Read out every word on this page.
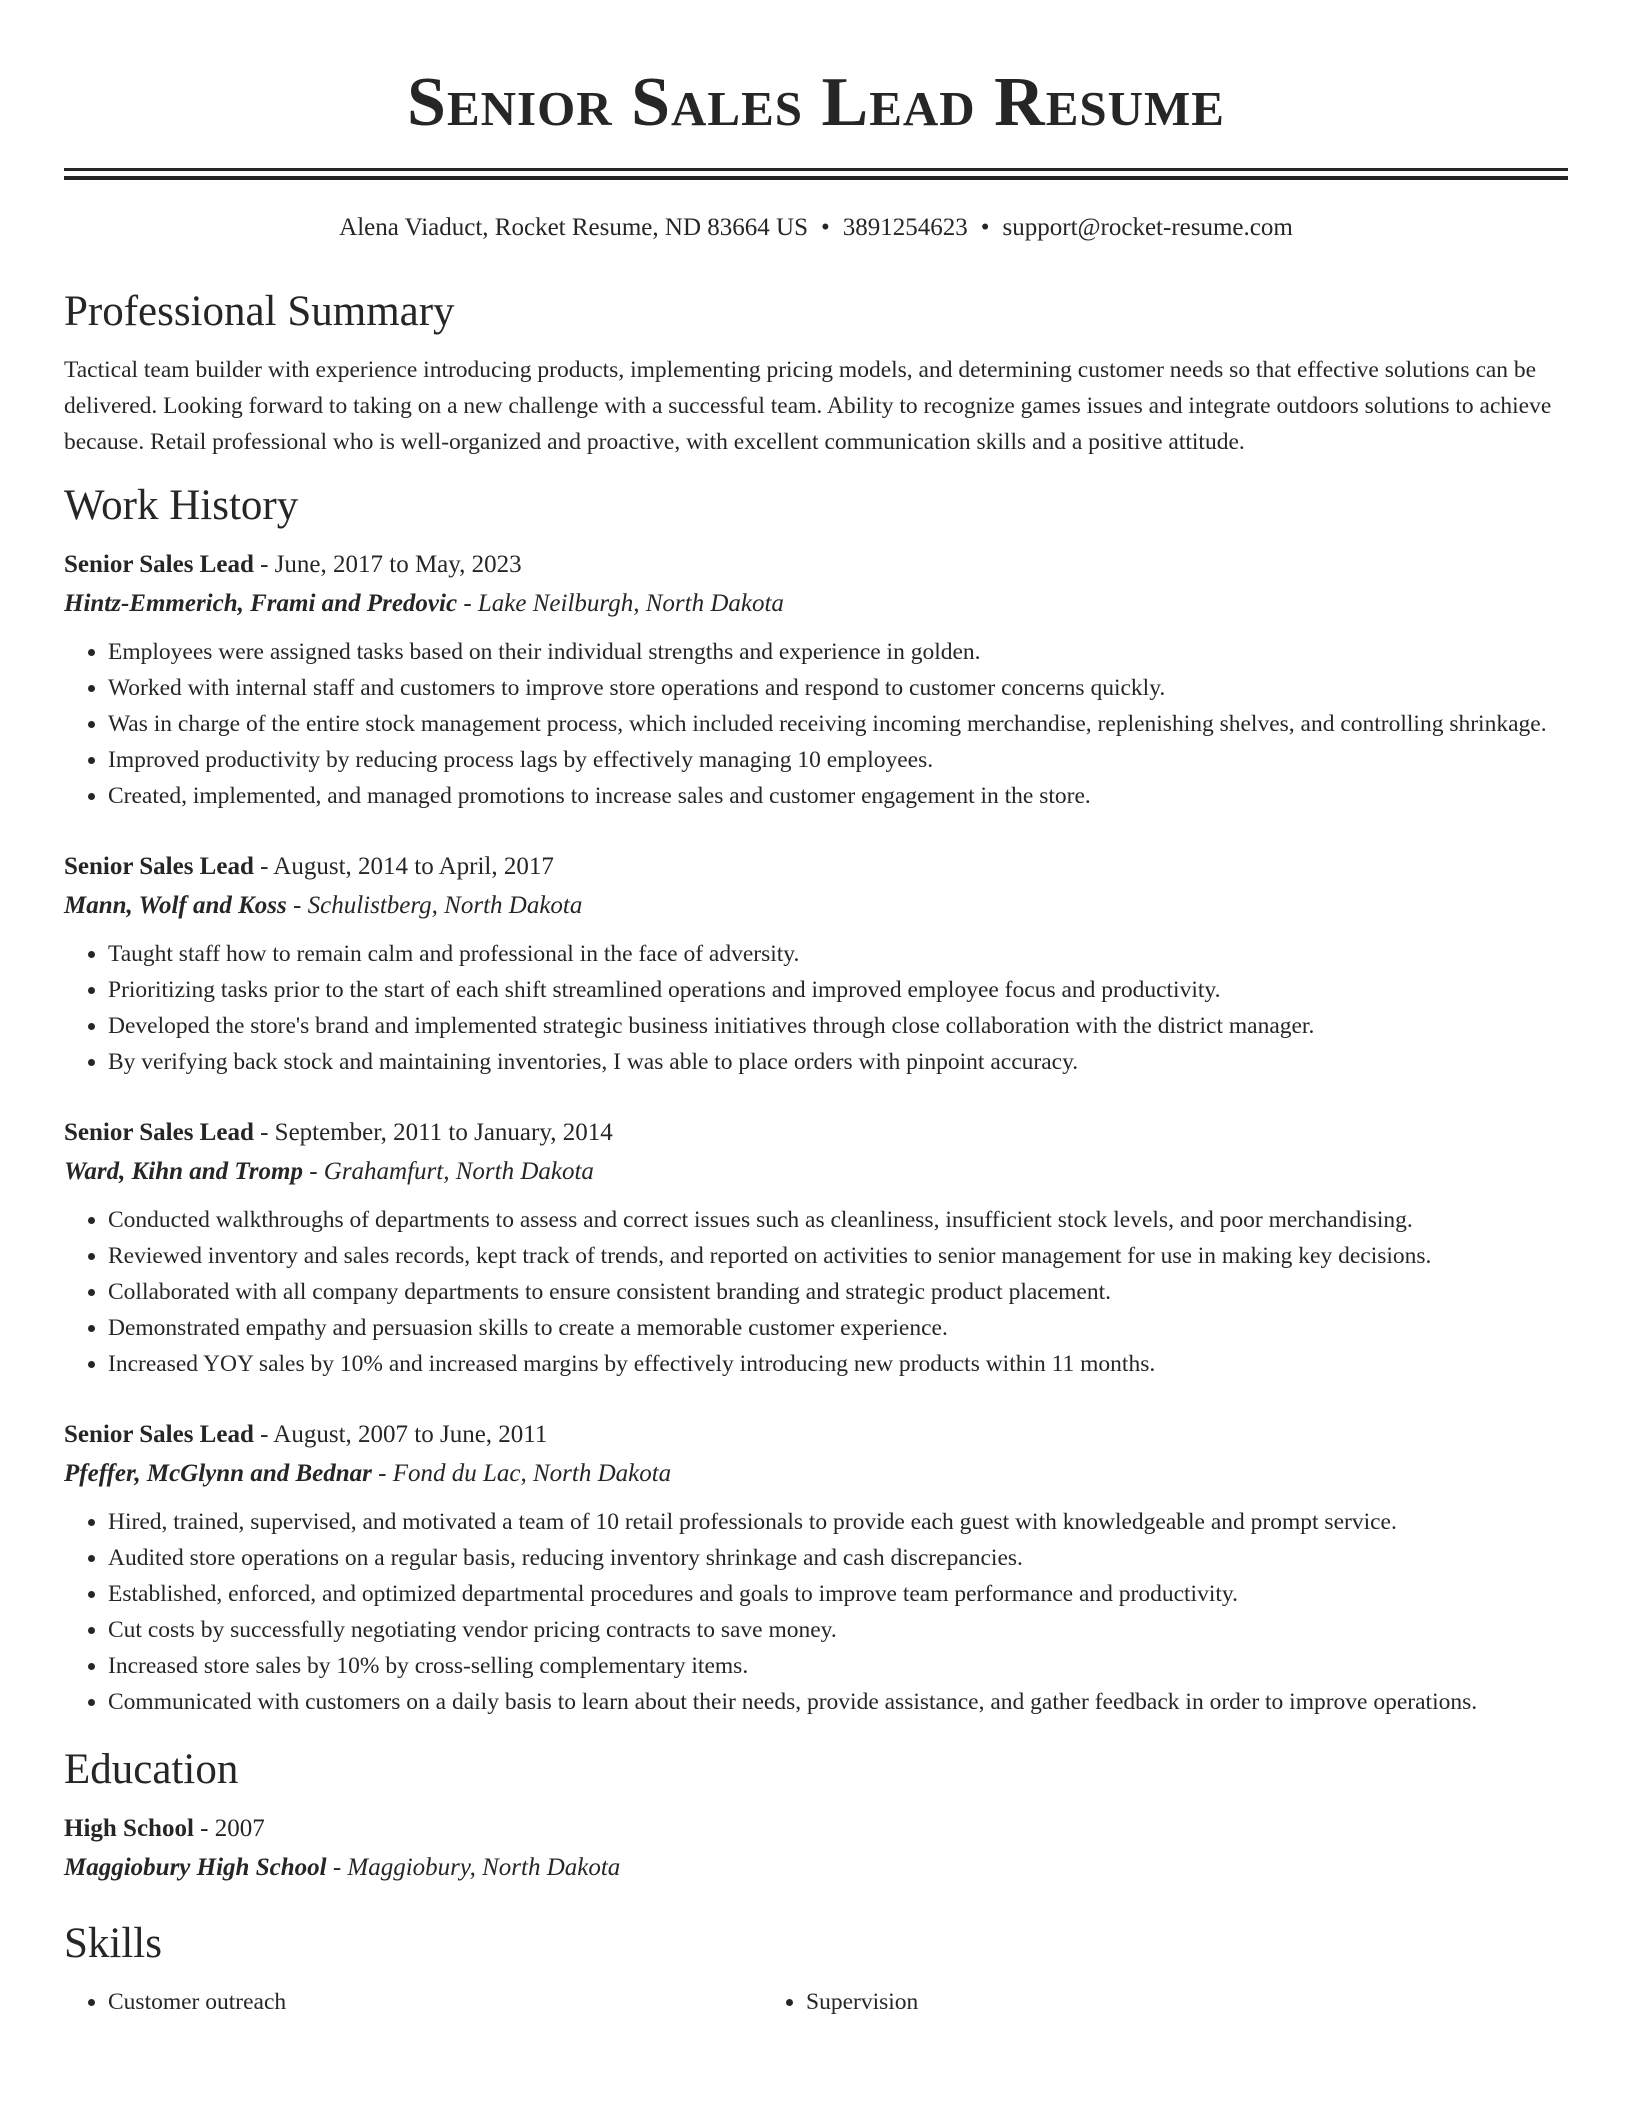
Senior Sales Lead Resume
Alena Viaduct, Rocket Resume, ND 83664 US • 3891254623 • support@rocket-resume.com
Professional Summary
Tactical team builder with experience introducing products, implementing pricing models, and determining customer needs so that effective solutions can be delivered. Looking forward to taking on a new challenge with a successful team. Ability to recognize games issues and integrate outdoors solutions to achieve because. Retail professional who is well-organized and proactive, with excellent communication skills and a positive attitude.
Work History
Senior Sales Lead - June, 2017 to May, 2023
Hintz-Emmerich, Frami and Predovic - Lake Neilburgh, North Dakota
• Employees were assigned tasks based on their individual strengths and experience in golden.
• Worked with internal staff and customers to improve store operations and respond to customer concerns quickly.
• Was in charge of the entire stock management process, which included receiving incoming merchandise, replenishing shelves, and controlling shrinkage.
• Improved productivity by reducing process lags by effectively managing 10 employees.
• Created, implemented, and managed promotions to increase sales and customer engagement in the store.
Senior Sales Lead - August, 2014 to April, 2017
Mann, Wolf and Koss - Schulistberg, North Dakota
• Taught staff how to remain calm and professional in the face of adversity.
• Prioritizing tasks prior to the start of each shift streamlined operations and improved employee focus and productivity.
• Developed the store's brand and implemented strategic business initiatives through close collaboration with the district manager.
• By verifying back stock and maintaining inventories, I was able to place orders with pinpoint accuracy.
Senior Sales Lead - September, 2011 to January, 2014
Ward, Kihn and Tromp - Grahamfurt, North Dakota
• Conducted walkthroughs of departments to assess and correct issues such as cleanliness, insufficient stock levels, and poor merchandising.
• Reviewed inventory and sales records, kept track of trends, and reported on activities to senior management for use in making key decisions.
• Collaborated with all company departments to ensure consistent branding and strategic product placement.
• Demonstrated empathy and persuasion skills to create a memorable customer experience.
• Increased YOY sales by 10% and increased margins by effectively introducing new products within 11 months.
Senior Sales Lead - August, 2007 to June, 2011
Pfeffer, McGlynn and Bednar - Fond du Lac, North Dakota
• Hired, trained, supervised, and motivated a team of 10 retail professionals to provide each guest with knowledgeable and prompt service.
• Audited store operations on a regular basis, reducing inventory shrinkage and cash discrepancies.
• Established, enforced, and optimized departmental procedures and goals to improve team performance and productivity.
• Cut costs by successfully negotiating vendor pricing contracts to save money.
• Increased store sales by 10% by cross-selling complementary items.
• Communicated with customers on a daily basis to learn about their needs, provide assistance, and gather feedback in order to improve operations.
Education
High School - 2007
Maggiobury High School - Maggiobury, North Dakota
Skills
• Customer outreach
•	Supervision
